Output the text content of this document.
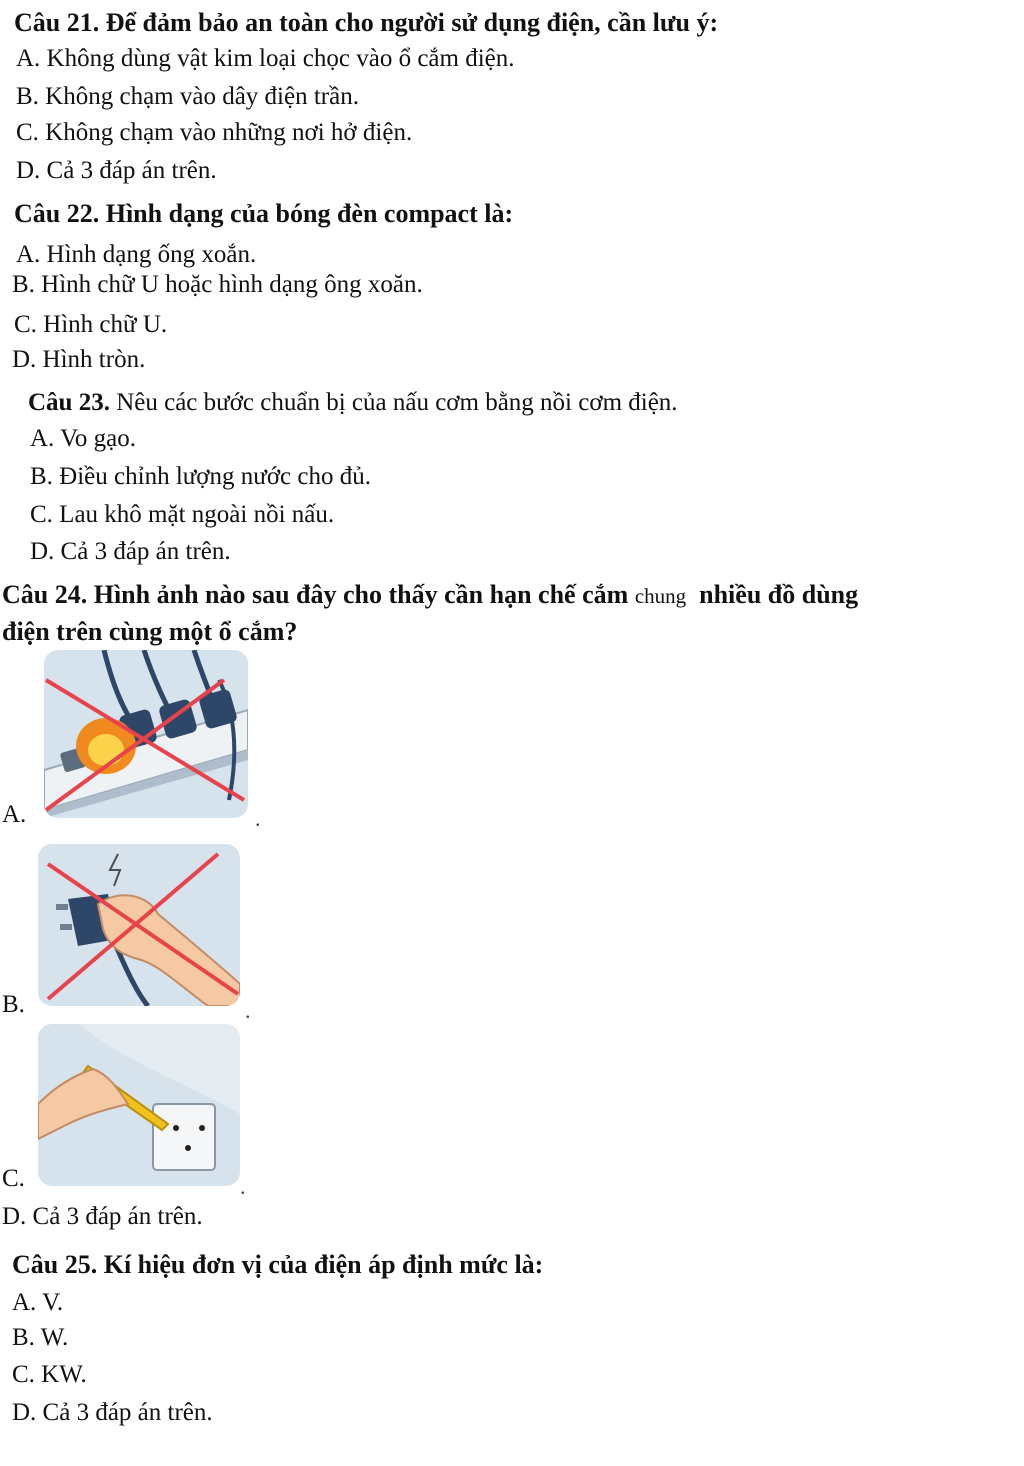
Câu 21. Để đảm bảo an toàn cho người sử dụng điện, cần lưu ý:
A. Không dùng vật kim loại chọc vào ổ cắm điện.
B. Không chạm vào dây điện trần.
C. Không chạm vào những nơi hở điện.
D. Cả 3 đáp án trên.
Câu 22. Hình dạng của bóng đèn compact là:
A. Hình dạng ống xoắn.
B. Hình chữ U hoặc hình dạng ông xoăn.
C. Hình chữ U.
D. Hình tròn.
Câu 23. Nêu các bước chuẩn bị của nấu cơm bằng nồi cơm điện.
A. Vo gạo.
B. Điều chỉnh lượng nước cho đủ.
C. Lau khô mặt ngoài nồi nấu.
D. Cả 3 đáp án trên.
Câu 24. Hình ảnh nào sau đây cho thấy cần hạn chế cắm chung nhiều đồ dùng
điện trên cùng một ổ cắm?
A.	.
B.	.
C.	.
D. Cả 3 đáp án trên.
Câu 25. Kí hiệu đơn vị của điện áp định mức là:
A. V.
B. W.
C. KW.
D. Cả 3 đáp án trên.
